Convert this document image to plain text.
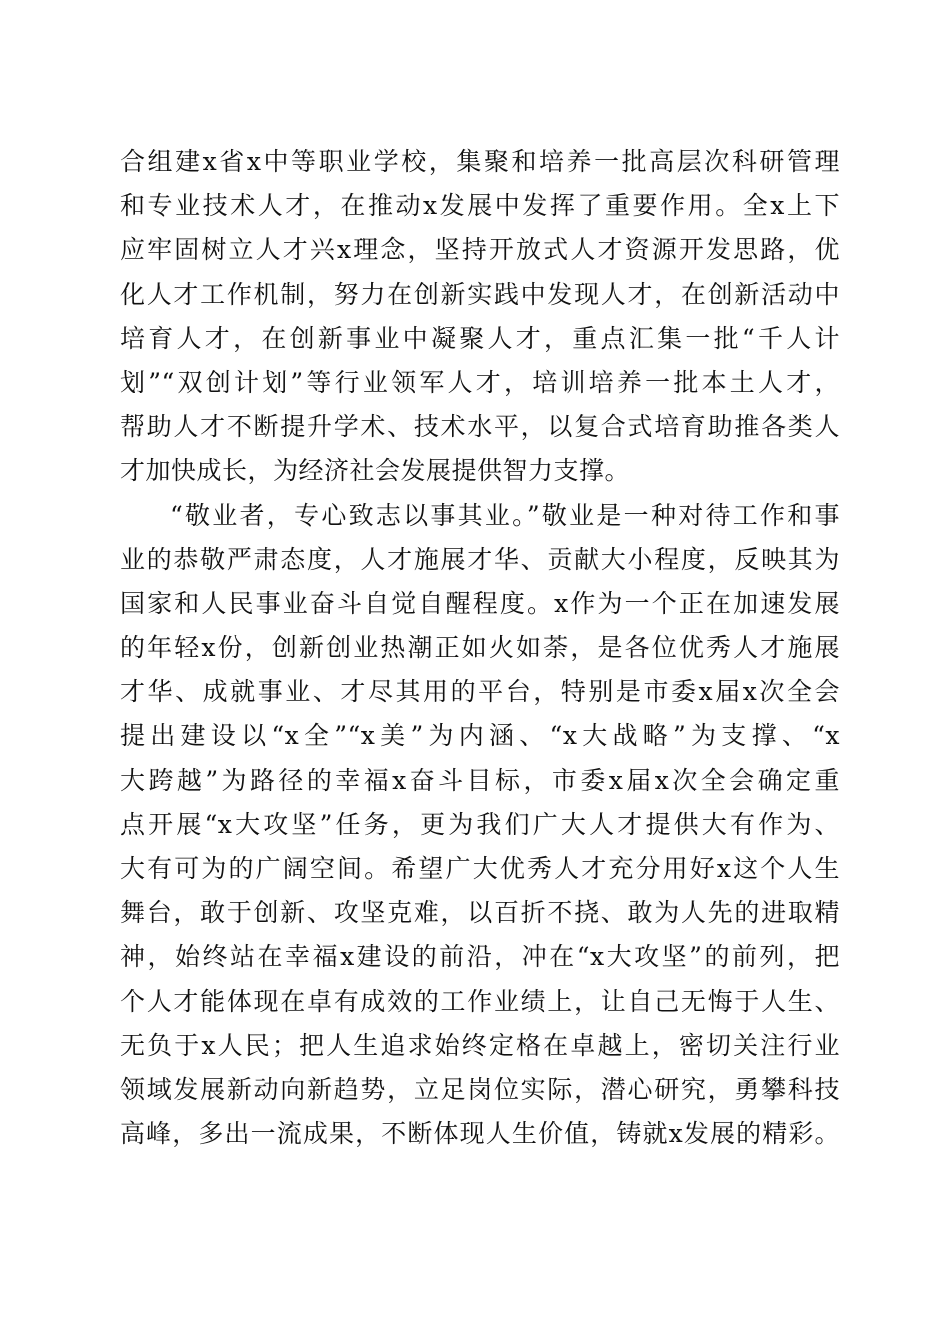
合组建x省x中等职业学校，集聚和培养一批高层次科研管理
和专业技术人才，在推动x发展中发挥了重要作用。全x上下
应牢固树立人才兴x理念，坚持开放式人才资源开发思路，优
化人才工作机制，努力在创新实践中发现人才，在创新活动中
培育人才，在创新事业中凝聚人才，重点汇集一批“千人计
划”“双创计划”等行业领军人才，培训培养一批本土人才，
帮助人才不断提升学术、技术水平，以复合式培育助推各类人
才加快成长，为经济社会发展提供智力支撑。
“敬业者，专心致志以事其业。”敬业是一种对待工作和事
业的恭敬严肃态度，人才施展才华、贡献大小程度，反映其为
国家和人民事业奋斗自觉自醒程度。x作为一个正在加速发展
的年轻x份，创新创业热潮正如火如荼，是各位优秀人才施展
才华、成就事业、才尽其用的平台，特别是市委x届x次全会
提出建设以“x全”“x美”为内涵、“x大战略”为支撑、“x
大跨越”为路径的幸福x奋斗目标，市委x届x次全会确定重
点开展“x大攻坚”任务，更为我们广大人才提供大有作为、
大有可为的广阔空间。希望广大优秀人才充分用好x这个人生
舞台，敢于创新、攻坚克难，以百折不挠、敢为人先的进取精
神，始终站在幸福x建设的前沿，冲在“x大攻坚”的前列，把
个人才能体现在卓有成效的工作业绩上，让自己无悔于人生、
无负于x人民；把人生追求始终定格在卓越上，密切关注行业
领域发展新动向新趋势，立足岗位实际，潜心研究，勇攀科技
高峰，多出一流成果，不断体现人生价值，铸就x发展的精彩。
